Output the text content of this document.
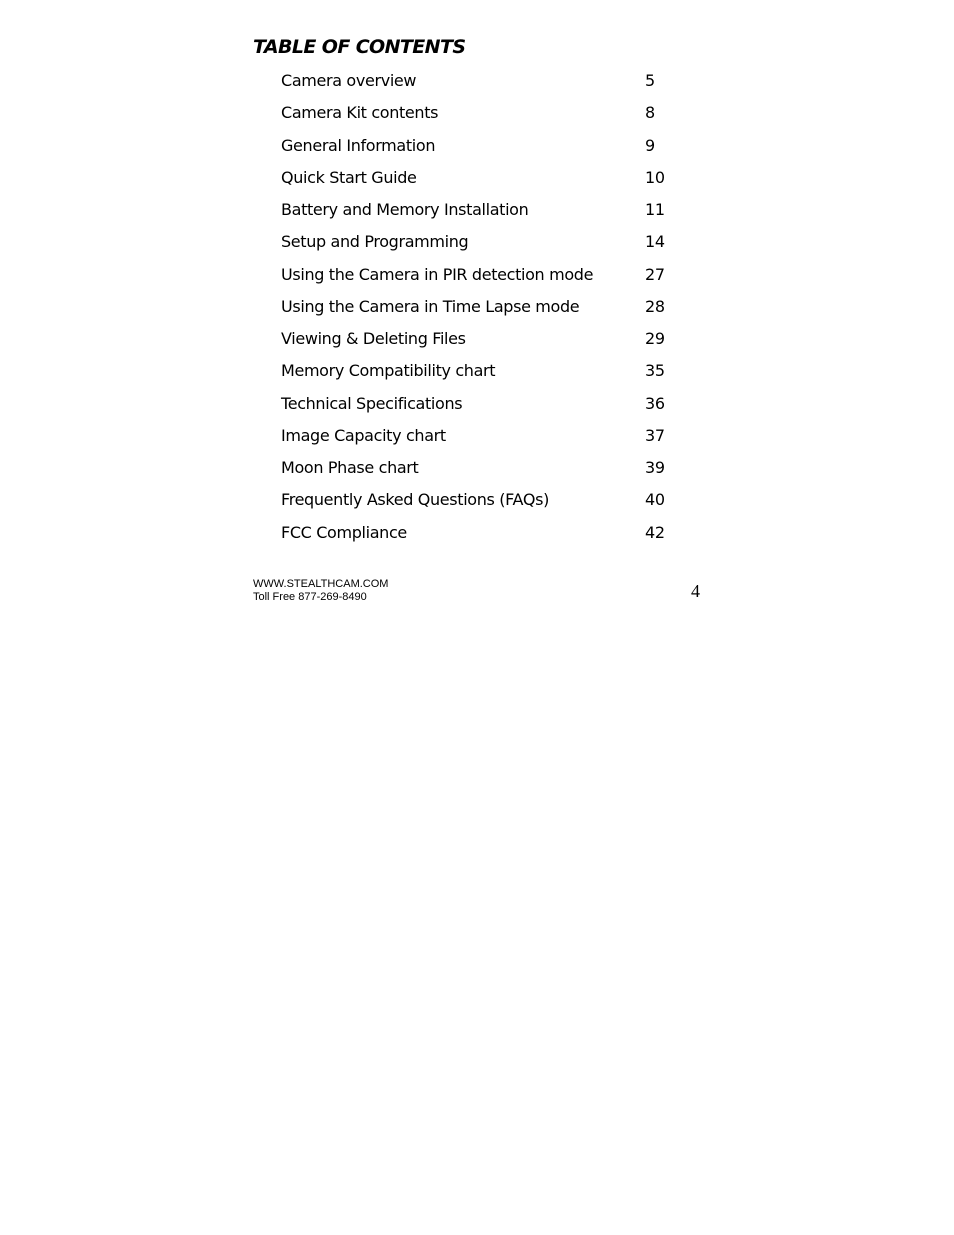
TABLE OF CONTENTS
Camera overview	5
Camera Kit contents	8
General Information	9
Quick Start Guide	10
Battery and Memory Installation	11
Setup and Programming	14
Using the Camera in PIR detection mode	27
Using the Camera in Time Lapse mode	28
Viewing & Deleting Files	29
Memory Compatibility chart	35
Technical Specifications	36
Image Capacity chart	37
Moon Phase chart	39
Frequently Asked Questions (FAQs)	40
FCC Compliance	42
WWW.STEALTHCAM.COM
Toll Free 877-269-8490	4
